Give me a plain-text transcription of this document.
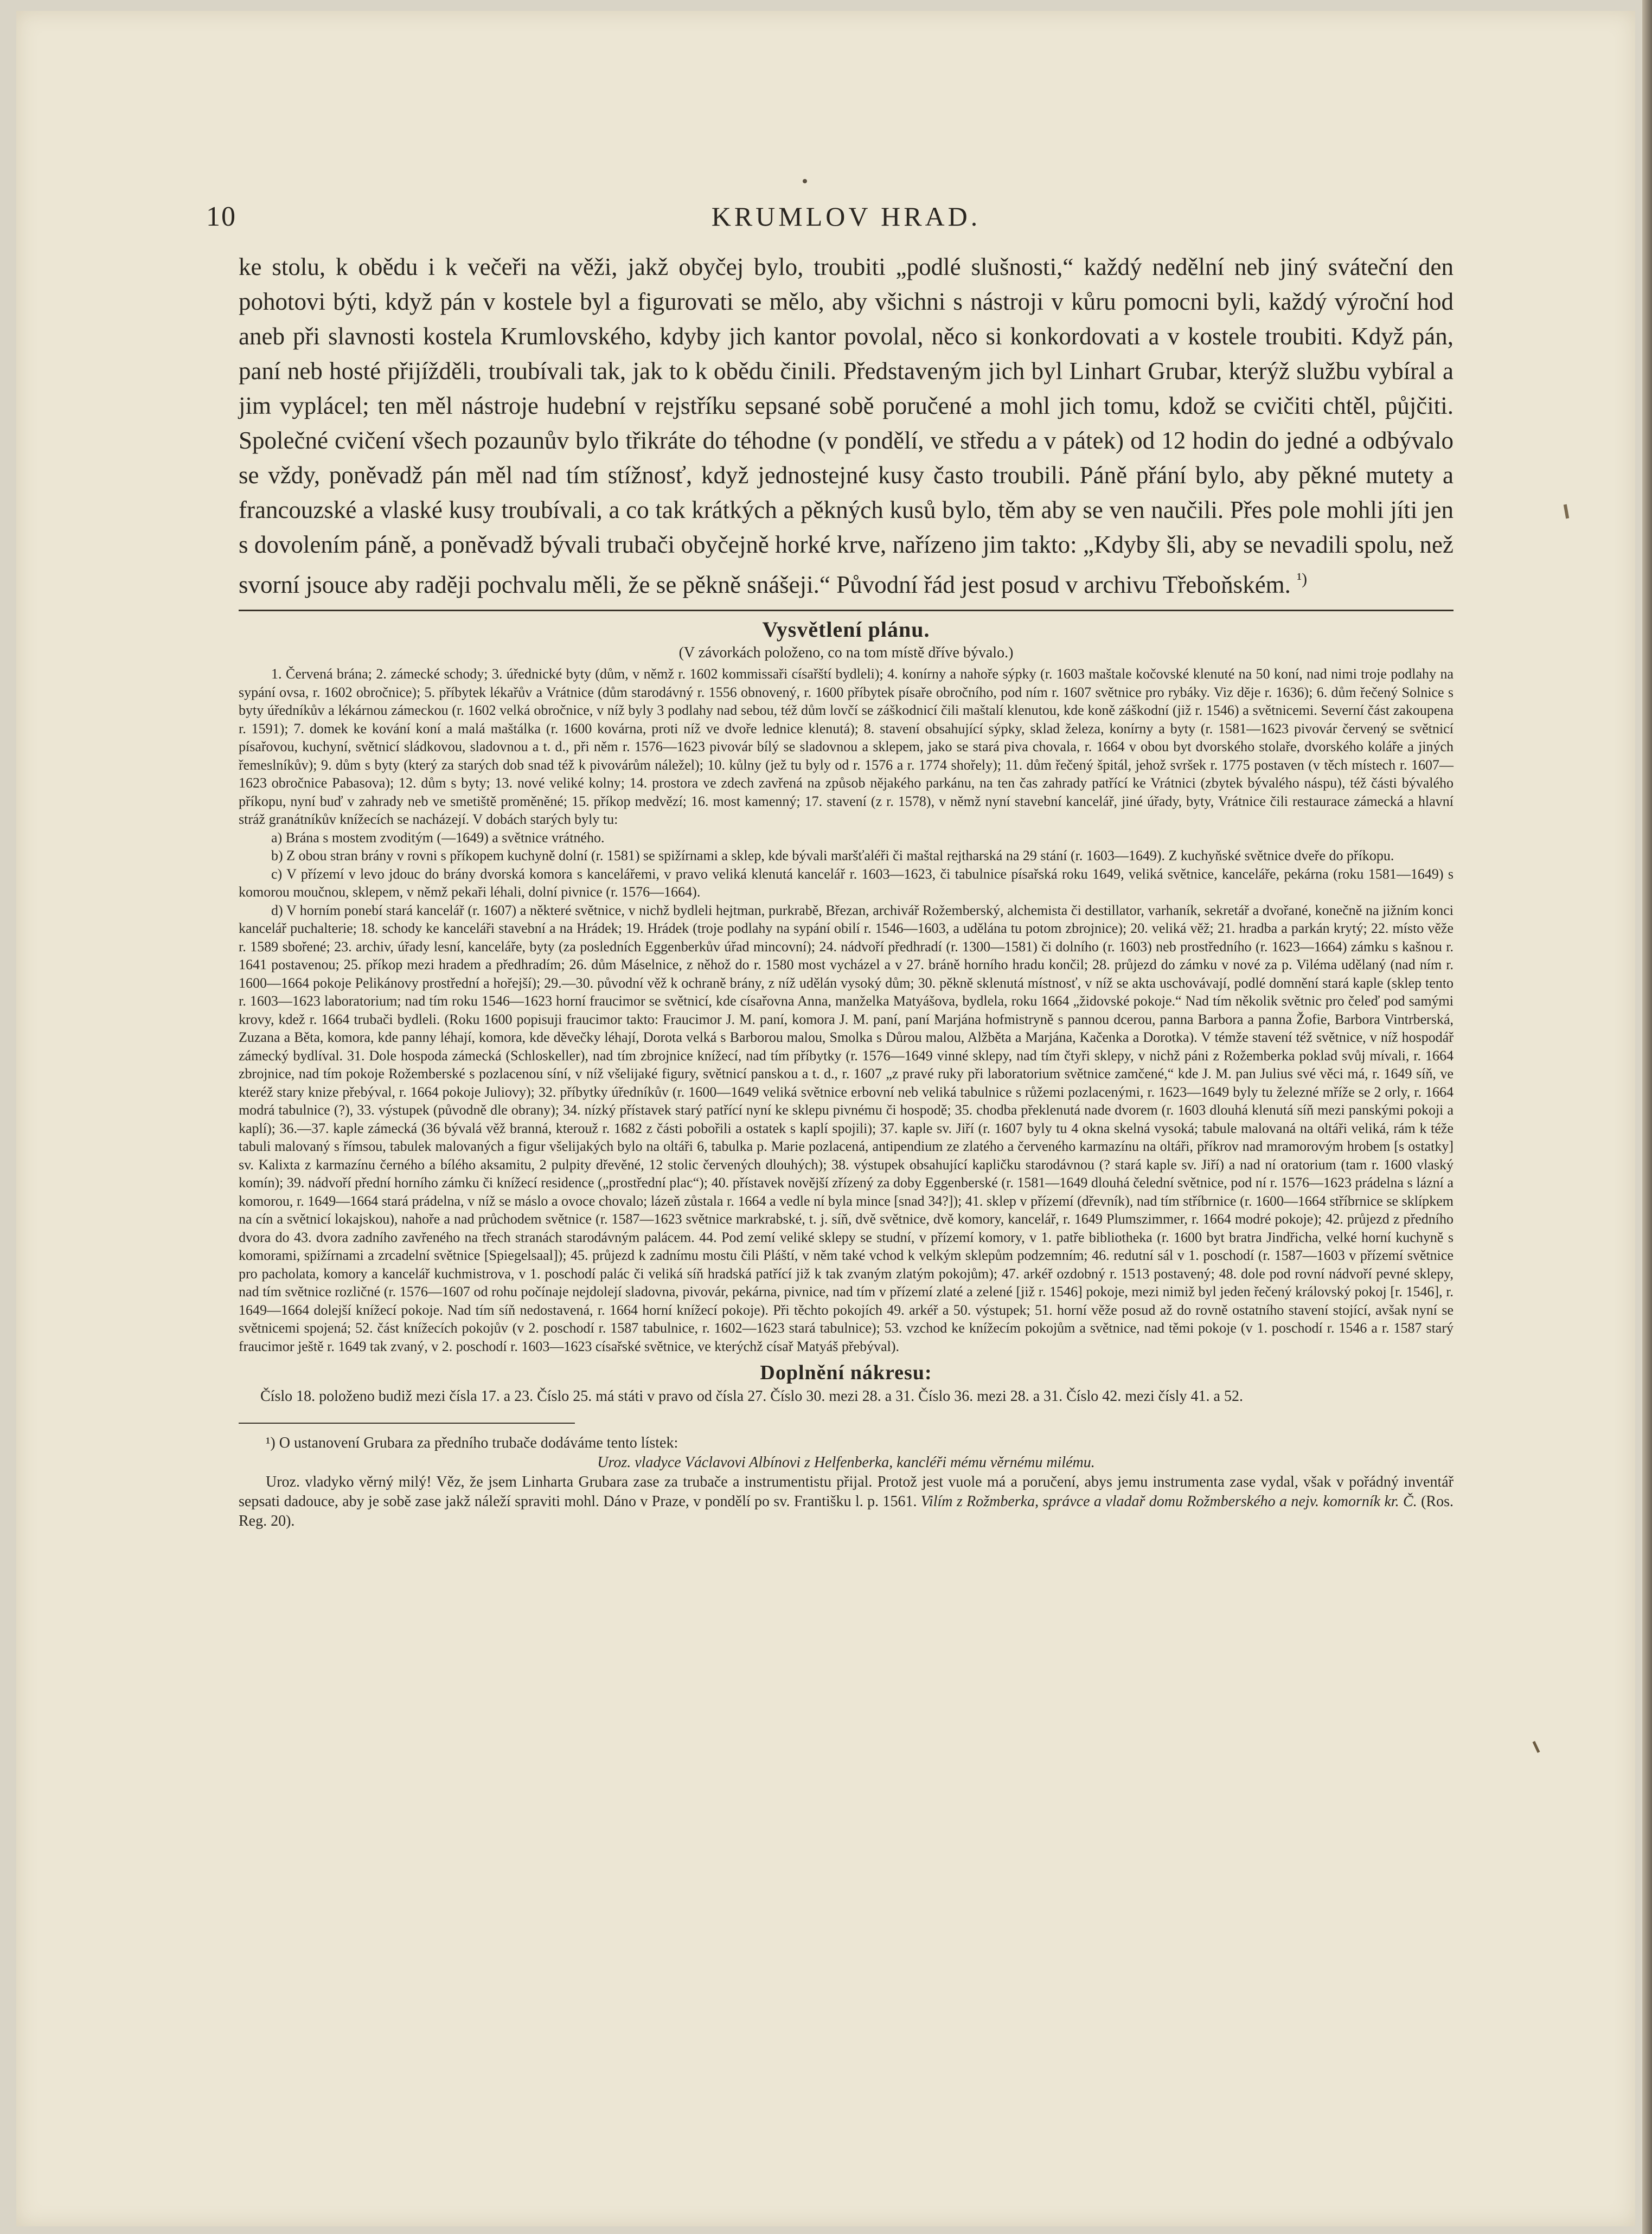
10	KRUMLOV HRAD.
ke stolu, k obědu i k večeři na věži, jakž obyčej bylo, troubiti „podlé slušnosti,“ každý nedělní neb jiný sváteční den pohotovi býti, když pán v kostele byl a figurovati se mělo, aby všichni s nástroji v kůru pomocni byli, každý výroční hod aneb při slavnosti kostela Krumlovského, kdyby jich kantor povolal, něco si konkordovati a v kostele troubiti. Když pán, paní neb hosté přijížděli, troubívali tak, jak to k obědu činili. Představeným jich byl Linhart Grubar, kterýž službu vybíral a jim vyplácel; ten měl nástroje hudební v rejstříku sepsané sobě poručené a mohl jich tomu, kdož se cvičiti chtěl, půjčiti. Společné cvičení všech pozaunův bylo třikráte do téhodne (v pondělí, ve středu a v pátek) od 12 hodin do jedné a odbývalo se vždy, poněvadž pán měl nad tím stížnosť, když jednostejné kusy často troubili. Páně přání bylo, aby pěkné mutety a francouzské a vlaské kusy troubívali, a co tak krátkých a pěkných kusů bylo, těm aby se ven naučili. Přes pole mohli jíti jen s dovolením páně, a poněvadž bývali trubači obyčejně horké krve, nařízeno jim takto: „Kdyby šli, aby se nevadili spolu, než svorní jsouce aby raději pochvalu měli, že se pěkně snášeji.“ Původní řád jest posud v archivu Třeboňském. $^{^1)}$
Vysvětlení plánu.
(V závorkách položeno, co na tom místě dříve bývalo.)

1. Červená brána; 2. zámecké schody; 3. úřednické byty (dům, v němž r. 1602 kommissaři císařští bydleli); 4. konírny a nahoře sýpky (r. 1603 maštale kočovské klenuté na 50 koní, nad nimi troje podlahy na sypání ovsa, r. 1602 obročnice); 5. příbytek lékařův a Vrátnice (dům starodávný r. 1556 obnovený, r. 1600 příbytek písaře obročního, pod ním r. 1607 světnice pro rybáky. Viz děje r. 1636); 6. dům řečený Solnice s byty úředníkův a lékárnou zámeckou (r. 1602 velká obročnice, v níž byly 3 podlahy nad sebou, též dům lovčí se záškodnicí čili maštalí klenutou, kde koně záškodní (již r. 1546) a světnicemi. Severní část zakoupena r. 1591); 7. domek ke kování koní a malá maštálka (r. 1600 kovárna, proti níž ve dvoře lednice klenutá); 8. stavení obsahující sýpky, sklad železa, konírny a byty (r. 1581—1623 pivovár červený se světnicí písařovou, kuchyní, světnicí sládkovou, sladovnou a t. d., při něm r. 1576—1623 pivovár bílý se sladovnou a sklepem, jako se stará piva chovala, r. 1664 v obou byt dvorského stolaře, dvorského koláře a jiných řemeslníkův); 9. dům s byty (který za starých dob snad též k pivovárům náležel); 10. kůlny (jež tu byly od r. 1576 a r. 1774 shořely); 11. dům řečený špitál, jehož svršek r. 1775 postaven (v těch místech r. 1607—1623 obročnice Pabasova); 12. dům s byty; 13. nové veliké kolny; 14. prostora ve zdech zavřená na způsob nějakého parkánu, na ten čas zahrady patřící ke Vrátnici (zbytek bývalého náspu), též části bývalého příkopu, nyní buď v zahrady neb ve smetiště proměněné; 15. příkop medvězí; 16. most kamenný; 17. stavení (z r. 1578), v němž nyní stavební kancelář, jiné úřady, byty, Vrátnice čili restaurace zámecká a hlavní stráž granátníkův knížecích se nacházejí. V dobách starých byly tu:

a) Brána s mostem zvoditým (—1649) a světnice vrátného.

b) Z obou stran brány v rovni s příkopem kuchyně dolní (r. 1581) se spižírnami a sklep, kde bývali maršťaléři či maštal rejtharská na 29 stání (r. 1603—1649). Z kuchyňské světnice dveře do příkopu.

c) V přízemí v levo jdouc do brány dvorská komora s kancelářemi, v pravo veliká klenutá kancelář r. 1603—1623, či tabulnice písařská roku 1649, veliká světnice, kanceláře, pekárna (roku 1581—1649) s komorou moučnou, sklepem, v němž pekaři léhali, dolní pivnice (r. 1576—1664).

d) V horním ponebí stará kancelář (r. 1607) a některé světnice, v nichž bydleli hejtman, purkrabě, Březan, archivář Rožemberský, alchemista či destillator, varhaník, sekretář a dvořané, konečně na jižním konci kancelář puchalterie; 18. schody ke kanceláři stavební a na Hrádek; 19. Hrádek (troje podlahy na sypání obilí r. 1546—1603, a udělána tu potom zbrojnice); 20. veliká věž; 21. hradba a parkán krytý; 22. místo věže r. 1589 sbořené; 23. archiv, úřady lesní, kanceláře, byty (za posledních Eggenberkův úřad mincovní); 24. nádvoří předhradí (r. 1300—1581) či dolního (r. 1603) neb prostředního (r. 1623—1664) zámku s kašnou r. 1641 postavenou; 25. příkop mezi hradem a předhradím; 26. dům Máselnice, z něhož do r. 1580 most vycházel a v 27. bráně horního hradu končil; 28. průjezd do zámku v nové za p. Viléma udělaný (nad ním r. 1600—1664 pokoje Pelikánovy prostřední a hořejší); 29.—30. původní věž k ochraně brány, z níž udělán vysoký dům; 30. pěkně sklenutá místnosť, v níž se akta uschovávají, podlé domnění stará kaple (sklep tento r. 1603—1623 laboratorium; nad tím roku 1546—1623 horní fraucimor se světnicí, kde císařovna Anna, manželka Matyášova, bydlela, roku 1664 „židovské pokoje.“ Nad tím několik světnic pro čeleď pod samými krovy, kdež r. 1664 trubači bydleli. (Roku 1600 popisuji fraucimor takto: Fraucimor J. M. paní, komora J. M. paní, paní Marjána hofmistryně s pannou dcerou, panna Barbora a panna Žofie, Barbora Vintrberská, Zuzana a Běta, komora, kde panny léhají, komora, kde děvečky léhají, Dorota velká s Barborou malou, Smolka s Důrou malou, Alžběta a Marjána, Kačenka a Dorotka). V témže stavení též světnice, v níž hospodář zámecký bydlíval. 31. Dole hospoda zámecká (Schloskeller), nad tím zbrojnice knížecí, nad tím příbytky (r. 1576—1649 vinné sklepy, nad tím čtyři sklepy, v nichž páni z Rožemberka poklad svůj mívali, r. 1664 zbrojnice, nad tím pokoje Rožemberské s pozlacenou síní, v níž všelijaké figury, světnicí panskou a t. d., r. 1607 „z pravé ruky při laboratorium světnice zamčené,“ kde J. M. pan Julius své věci má, r. 1649 síň, ve kteréž stary knize přebýval, r. 1664 pokoje Juliovy); 32. příbytky úředníkův (r. 1600—1649 veliká světnice erbovní neb veliká tabulnice s růžemi pozlacenými, r. 1623—1649 byly tu železné mříže se 2 orly, r. 1664 modrá tabulnice (?), 33. výstupek (původně dle obrany); 34. nízký přístavek starý patřící nyní ke sklepu pivnému či hospodě; 35. chodba překlenutá nade dvorem (r. 1603 dlouhá klenutá síň mezi panskými pokoji a kaplí); 36.—37. kaple zámecká (36 bývalá věž branná, kterouž r. 1682 z části pobořili a ostatek s kaplí spojili); 37. kaple sv. Jiří (r. 1607 byly tu 4 okna skelná vysoká; tabule malovaná na oltáři veliká, rám k téže tabuli malovaný s římsou, tabulek malovaných a figur všelijakých bylo na oltáři 6, tabulka p. Marie pozlacená, antipendium ze zlatého a červeného karmazínu na oltáři, příkrov nad mramorovým hrobem [s ostatky] sv. Kalixta z karmazínu černého a bílého aksamitu, 2 pulpity dřevěné, 12 stolic červených dlouhých); 38. výstupek obsahující kapličku starodávnou (? stará kaple sv. Jiří) a nad ní oratorium (tam r. 1600 vlaský komín); 39. nádvoří přední horního zámku či knížecí residence („prostřední plac“); 40. přístavek novější zřízený za doby Eggenberské (r. 1581—1649 dlouhá čelední světnice, pod ní r. 1576—1623 prádelna s lázní a komorou, r. 1649—1664 stará prádelna, v níž se máslo a ovoce chovalo; lázeň zůstala r. 1664 a vedle ní byla mince [snad 34?]); 41. sklep v přízemí (dřevník), nad tím stříbrnice (r. 1600—1664 stříbrnice se sklípkem na cín a světnicí lokajskou), nahoře a nad průchodem světnice (r. 1587—1623 světnice markrabské, t. j. síň, dvě světnice, dvě komory, kancelář, r. 1649 Plumszimmer, r. 1664 modré pokoje); 42. průjezd z předního dvora do 43. dvora zadního zavřeného na třech stranách starodávným palácem. 44. Pod zemí veliké sklepy se studní, v přízemí komory, v 1. patře bibliotheka (r. 1600 byt bratra Jindřicha, velké horní kuchyně s komorami, spižírnami a zrcadelní světnice [Spiegelsaal]); 45. průjezd k zadnímu mostu čili Pláští, v něm také vchod k velkým sklepům podzemním; 46. redutní sál v 1. poschodí (r. 1587—1603 v přízemí světnice pro pacholata, komory a kancelář kuchmistrova, v 1. poschodí palác či veliká síň hradská patřící již k tak zvaným zlatým pokojům); 47. arkéř ozdobný r. 1513 postavený; 48. dole pod rovní nádvoří pevné sklepy, nad tím světnice rozličné (r. 1576—1607 od rohu počínaje nejdolejí sladovna, pivovár, pekárna, pivnice, nad tím v přízemí zlaté a zelené [již r. 1546] pokoje, mezi nimiž byl jeden řečený královský pokoj [r. 1546], r. 1649—1664 dolejší knížecí pokoje. Nad tím síň nedostavená, r. 1664 horní knížecí pokoje). Při těchto pokojích 49. arkéř a 50. výstupek; 51. horní věže posud až do rovně ostatního stavení stojící, avšak nyní se světnicemi spojená; 52. část knížecích pokojův (v 2. poschodí r. 1587 tabulnice, r. 1602—1623 stará tabulnice); 53. vzchod ke knížecím pokojům a světnice, nad těmi pokoje (v 1. poschodí r. 1546 a r. 1587 starý fraucimor ještě r. 1649 tak zvaný, v 2. poschodí r. 1603—1623 císařské světnice, ve kterýchž císař Matyáš přebýval).

Doplnění nákresu:
Číslo 18. položeno budiž mezi čísla 17. a 23. Číslo 25. má státi v pravo od čísla 27. Číslo 30. mezi 28. a 31. Číslo 36. mezi 28. a 31. Číslo 42. mezi čísly 41. a 52.

¹) O ustanovení Grubara za předního trubače dodáváme tento lístek:

Uroz. vladyce Václavovi Albínovi z Helfenberka, kancléři mému věrnému milému.

Uroz. vladyko věrný milý! Věz, že jsem Linharta Grubara zase za trubače a instrumentistu přijal. Protož jest vuole má a poručení, abys jemu instrumenta zase vydal, však v pořádný inventář sepsati dadouce, aby je sobě zase jakž náleží spraviti mohl. Dáno v Praze, v pondělí po sv. Františku l. p. 1561. Vilím z Rožmberka, správce a vladař domu Rožmberského a nejv. komorník kr. Č. (Ros. Reg. 20).
